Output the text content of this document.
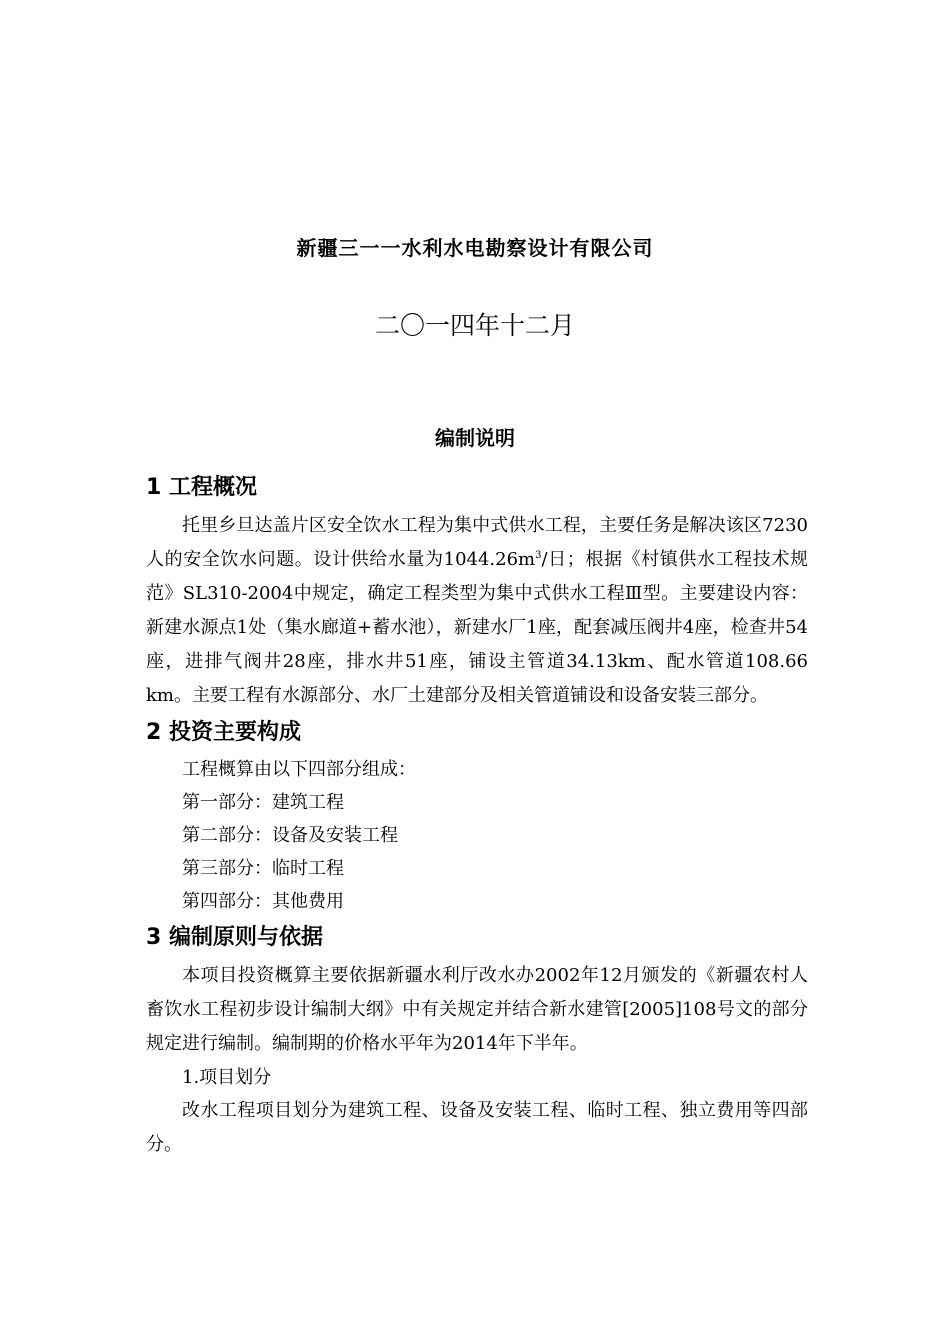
新疆三一一水利水电勘察设计有限公司
二〇一四年十二月
编制说明
1 工程概况
托里乡旦达盖片区安全饮水工程为集中式供水工程，主要任务是解决该区7230人的安全饮水问题。设计供给水量为$1044.26m^3/$日；根据《村镇供水工程技术规范》SL310-2004中规定，确定工程类型为集中式供水工程Ⅲ型。主要建设内容：新建水源点1处（集水廊道+蓄水池），新建水厂1座，配套减压阀井4座，检查井54座，进排气阀井28座，排水井51座，铺设主管道34.13km、配水管道108.66 km。主要工程有水源部分、水厂土建部分及相关管道铺设和设备安装三部分。
2 投资主要构成
工程概算由以下四部分组成：
第一部分：建筑工程
第二部分：设备及安装工程
第三部分：临时工程
第四部分：其他费用
3 编制原则与依据
本项目投资概算主要依据新疆水利厅改水办2002年12月颁发的《新疆农村人畜饮水工程初步设计编制大纲》中有关规定并结合新水建管[2005]108号文的部分规定进行编制。编制期的价格水平年为2014年下半年。
1.项目划分
改水工程项目划分为建筑工程、设备及安装工程、临时工程、独立费用等四部分。
